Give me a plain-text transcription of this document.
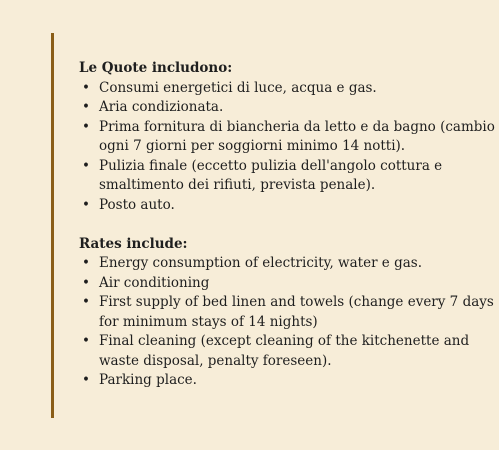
Le Quote includono:

• Consumi energetici di luce, acqua e gas.
• Aria condizionata.
• Prima fornitura di biancheria da letto e da bagno (cambio ogni 7 giorni per soggiorni minimo 14 notti).
• Pulizia finale (eccetto pulizia dell'angolo cottura e smaltimento dei rifiuti, prevista penale).
• Posto auto.

Rates include:

• Energy consumption of electricity, water e gas.
• Air conditioning
• First supply of bed linen and towels (change every 7 days for minimum stays of 14 nights)
• Final cleaning (except cleaning of the kitchenette and waste disposal, penalty foreseen).
• Parking place.
